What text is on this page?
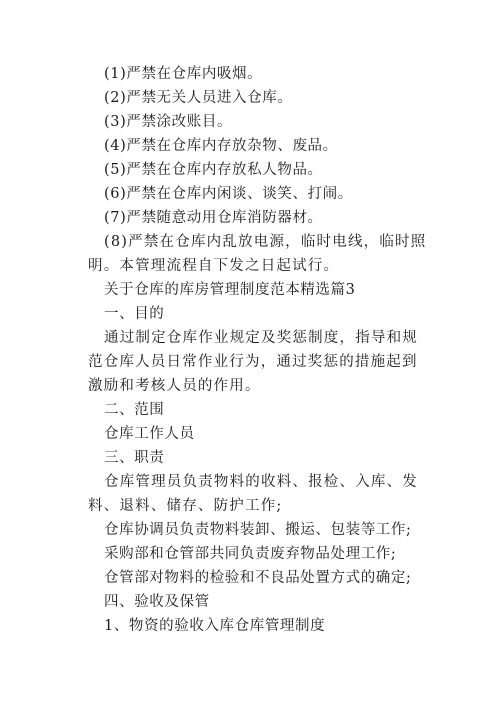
(1)严禁在仓库内吸烟。
(2)严禁无关人员进入仓库。
(3)严禁涂改账目。
(4)严禁在仓库内存放杂物、废品。
(5)严禁在仓库内存放私人物品。
(6)严禁在仓库内闲谈、谈笑、打闹。
(7)严禁随意动用仓库消防器材。
(8)严禁在仓库内乱放电源，临时电线，临时照明。本管理流程自下发之日起试行。
关于仓库的库房管理制度范本精选篇3
一、目的
通过制定仓库作业规定及奖惩制度，指导和规范仓库人员日常作业行为，通过奖惩的措施起到激励和考核人员的作用。
二、范围
仓库工作人员
三、职责
仓库管理员负责物料的收料、报检、入库、发料、退料、储存、防护工作;
仓库协调员负责物料装卸、搬运、包装等工作;
采购部和仓管部共同负责废弃物品处理工作;
仓管部对物料的检验和不良品处置方式的确定;
四、验收及保管
1、物资的验收入库仓库管理制度
